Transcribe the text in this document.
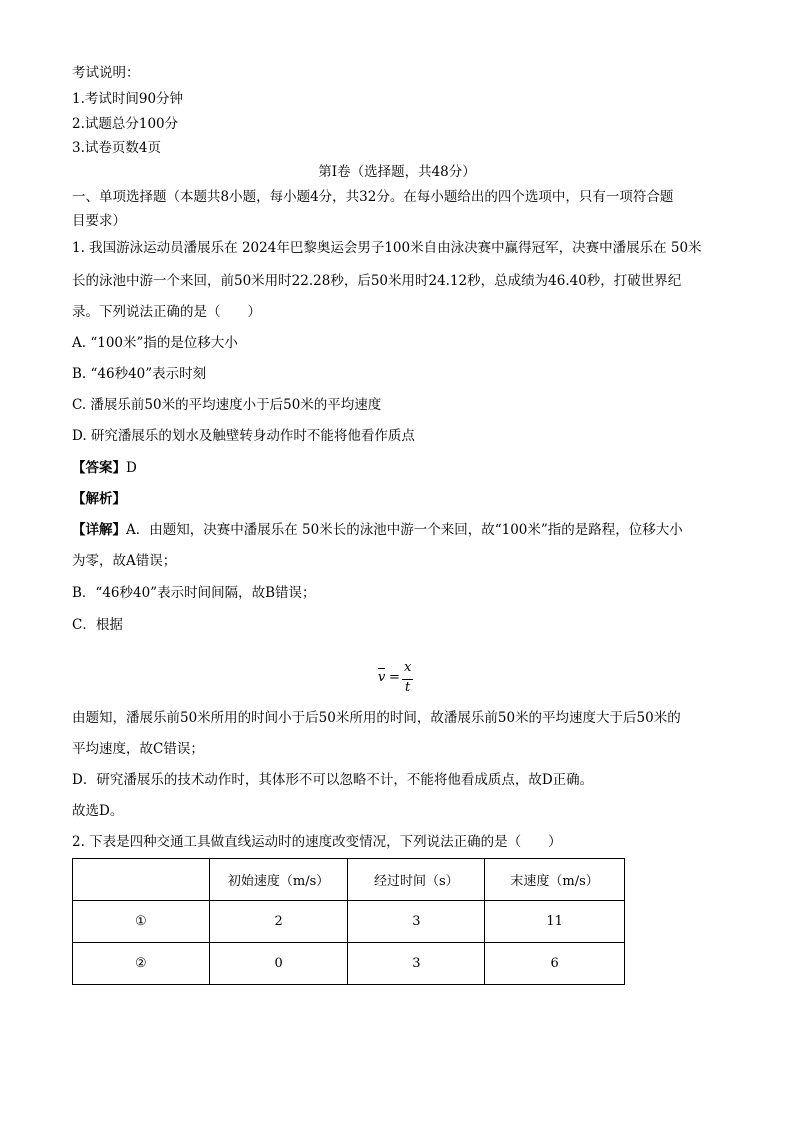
考试说明：
1.考试时间90分钟
2.试题总分100分
3.试卷页数4页
第Ⅰ卷（选择题，共48分）
一、单项选择题（本题共8小题，每小题4分，共32分。在每小题给出的四个选项中，只有一项符合题
目要求）
1. 我国游泳运动员潘展乐在 2024年巴黎奥运会男子100米自由泳决赛中赢得冠军，决赛中潘展乐在 50米
长的泳池中游一个来回，前50米用时22.28秒，后50米用时24.12秒，总成绩为46.40秒，打破世界纪
录。下列说法正确的是（　　）
A. “100米”指的是位移大小
B. “46秒40”表示时刻
C. 潘展乐前50米的平均速度小于后50米的平均速度
D. 研究潘展乐的划水及触壁转身动作时不能将他看作质点
【答案】D
【解析】
【详解】A．由题知，决赛中潘展乐在 50米长的泳池中游一个来回，故“100米”指的是路程，位移大小
为零，故A错误；
B．“46秒40”表示时间间隔，故B错误；
C．根据
v =
x
t
由题知，潘展乐前50米所用的时间小于后50米所用的时间，故潘展乐前50米的平均速度大于后50米的
平均速度，故C错误；
D．研究潘展乐的技术动作时，其体形不可以忽略不计，不能将他看成质点，故D正确。
故选D。
2. 下表是四种交通工具做直线运动时的速度改变情况，下列说法正确的是（　　）
	初始速度（m/s）	经过时间（s）	末速度（m/s）
①	2	3	11
②	0	3	6
